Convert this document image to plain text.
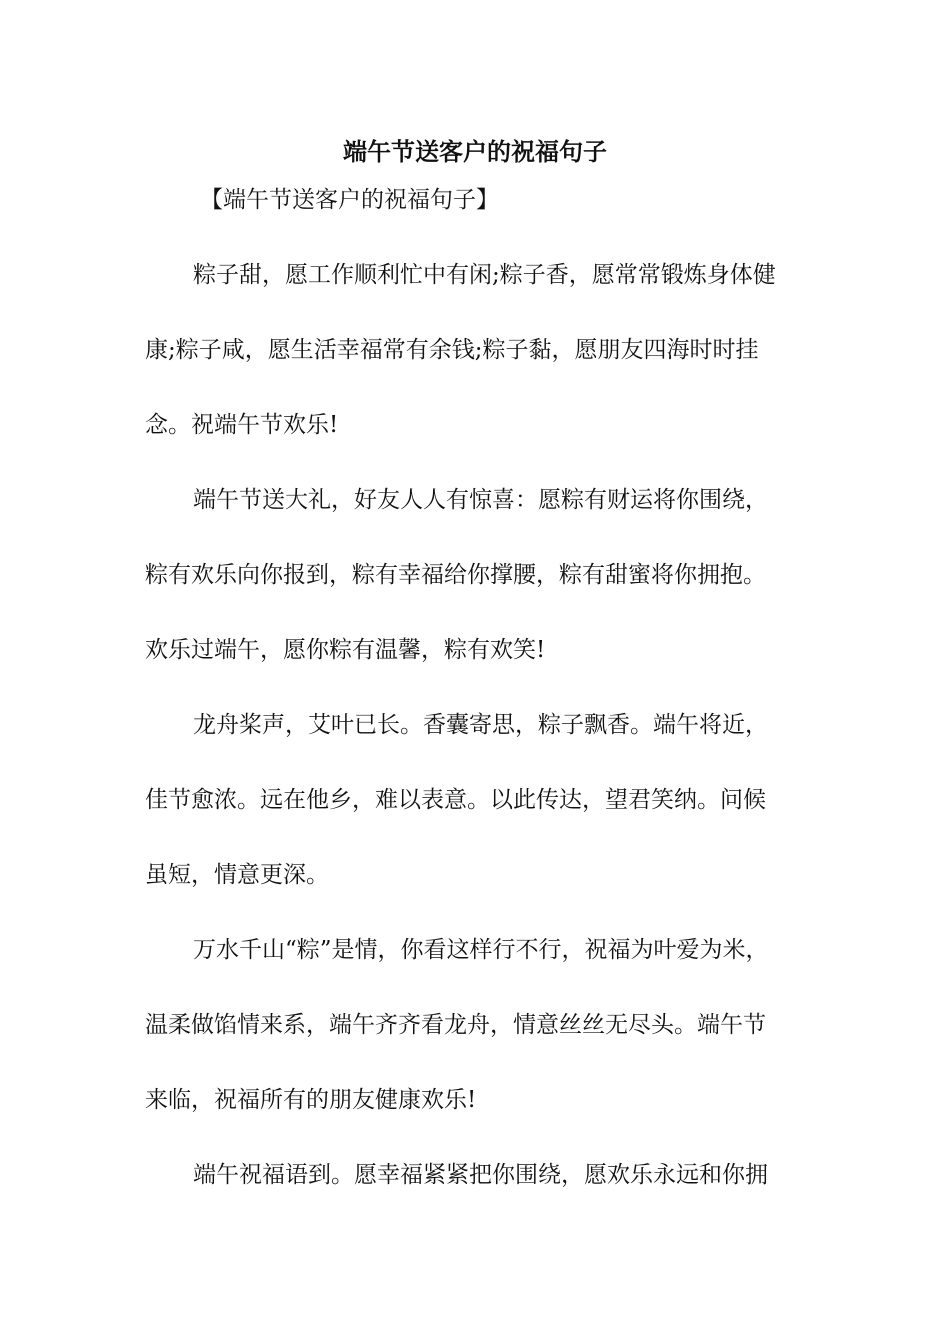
端午节送客户的祝福句子
【端午节送客户的祝福句子】
粽子甜，愿工作顺利忙中有闲;粽子香，愿常常锻炼身体健
康;粽子咸，愿生活幸福常有余钱;粽子黏，愿朋友四海时时挂
念。祝端午节欢乐!
端午节送大礼，好友人人有惊喜：愿粽有财运将你围绕，
粽有欢乐向你报到，粽有幸福给你撑腰，粽有甜蜜将你拥抱。
欢乐过端午，愿你粽有温馨，粽有欢笑!
龙舟桨声，艾叶已长。香囊寄思，粽子飘香。端午将近，
佳节愈浓。远在他乡，难以表意。以此传达，望君笑纳。问候
虽短，情意更深。
万水千山“粽”是情，你看这样行不行，祝福为叶爱为米，
温柔做馅情来系，端午齐齐看龙舟，情意丝丝无尽头。端午节
来临，祝福所有的朋友健康欢乐!
端午祝福语到。愿幸福紧紧把你围绕，愿欢乐永远和你拥
